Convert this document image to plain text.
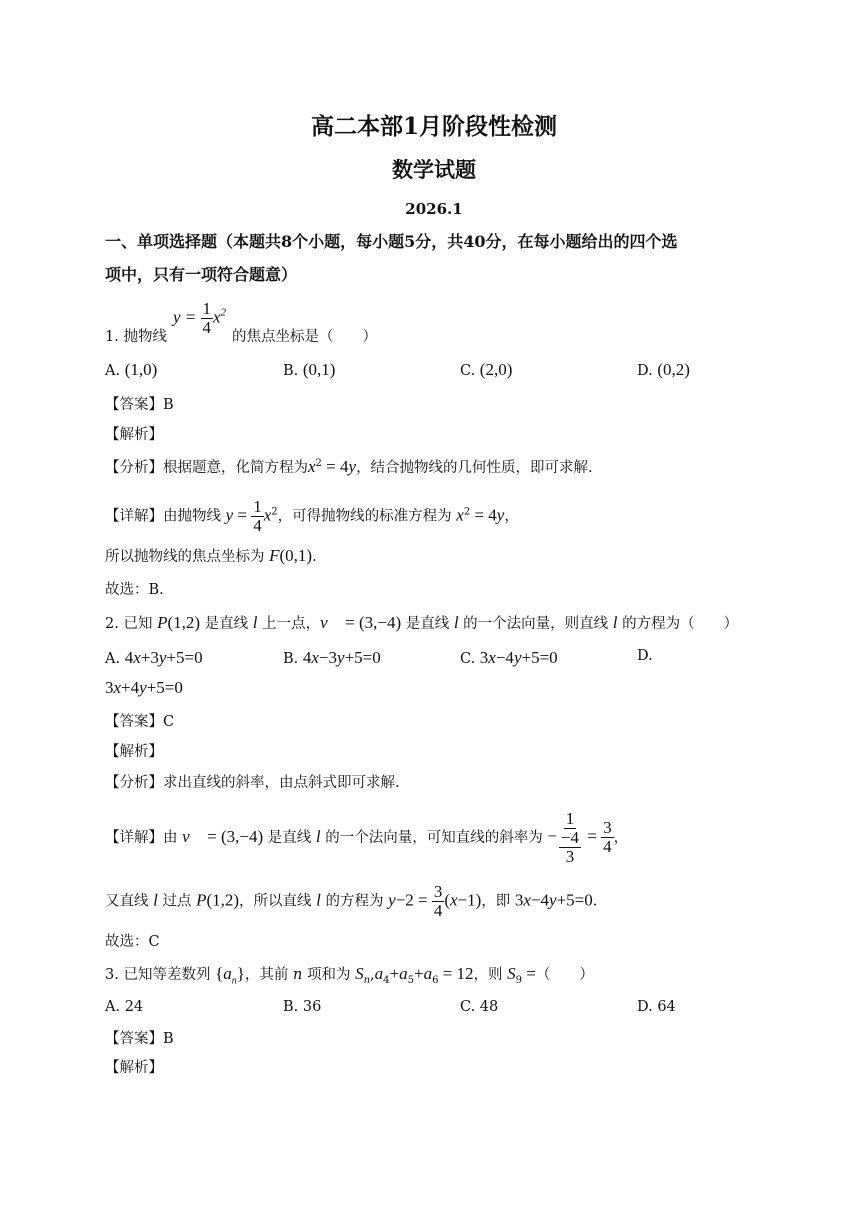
高二本部1月阶段性检测
数学试题
2026.1
一、单项选择题（本题共8个小题，每小题5分，共40分，在每小题给出的四个选
项中，只有一项符合题意）
1. 抛物线
$y = \frac{1}{4} x^2$
的焦点坐标是（　　）
A. (1,0)	B. (0,1)	C. (2,0)	D. (0,2)
【答案】B
【解析】
【分析】根据题意，化简方程为$x^2 = 4y$，结合抛物线的几何性质，即可求解.
【详解】由抛物线 $y = \frac{1}{4} x^2$，可得抛物线的标准方程为 $x^2 = 4y$，
所以抛物线的焦点坐标为 F(0,1).
故选：B.
2. 已知 P(1,2) 是直线 l 上一点，v⃗ = (3,−4) 是直线 l 的一个法向量，则直线 l 的方程为（　　）
A. 4x+3y+5=0	B. 4x−3y+5=0	C. 3x−4y+5=0	D.
3x+4y+5=0
【答案】C
【解析】
【分析】求出直线的斜率，由点斜式即可求解.
【详解】由 v⃗ = (3,−4) 是直线 l 的一个法向量，可知直线的斜率为 − $\frac{1}{\frac{-4}{3}} = \frac{3}{4}$ ，
又直线 l 过点 P(1,2)，所以直线 l 的方程为 $y-2 = \frac{3}{4} (x-1)$，即 3x−4y+5=0.
故选：C
3. 已知等差数列 $\{a_n\}$，其前 n 项和为 $S_n,a_4+a_5+a_6 = 12$，则 $S_9$ =（　　）
A. 24	B. 36	C. 48	D. 64
【答案】B
【解析】
